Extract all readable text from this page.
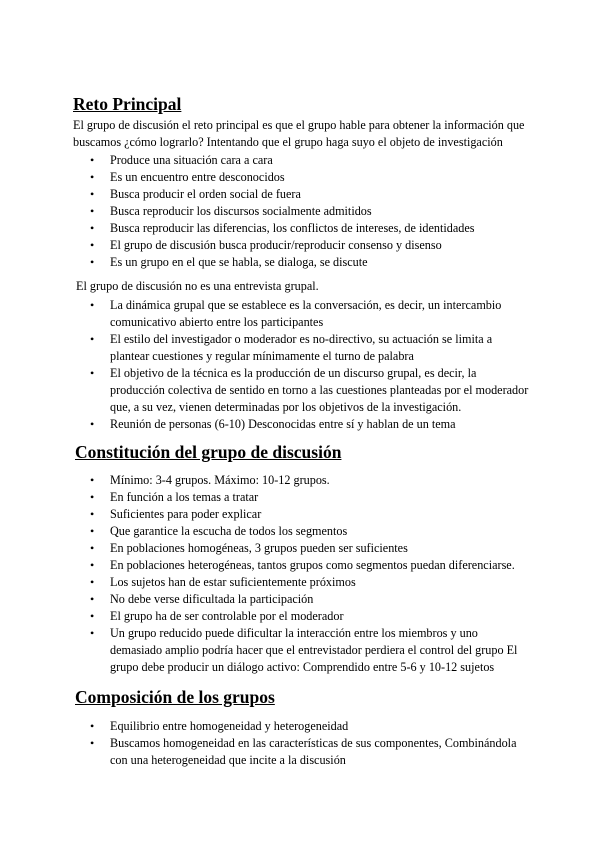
Reto Principal

El grupo de discusión el reto principal es que el grupo hable para obtener la información que buscamos ¿cómo lograrlo? Intentando que el grupo haga suyo el objeto de investigación

• Produce una situación cara a cara
• Es un encuentro entre desconocidos
• Busca producir el orden social de fuera
• Busca reproducir los discursos socialmente admitidos
• Busca reproducir las diferencias, los conflictos de intereses, de identidades
• El grupo de discusión busca producir/reproducir consenso y disenso
• Es un grupo en el que se habla, se dialoga, se discute

El grupo de discusión no es una entrevista grupal.

• La dinámica grupal que se establece es la conversación, es decir, un intercambio comunicativo abierto entre los participantes
• El estilo del investigador o moderador es no-directivo, su actuación se limita a plantear cuestiones y regular mínimamente el turno de palabra
• El objetivo de la técnica es la producción de un discurso grupal, es decir, la producción colectiva de sentido en torno a las cuestiones planteadas por el moderador que, a su vez, vienen determinadas por los objetivos de la investigación.
• Reunión de personas (6-10) Desconocidas entre sí y hablan de un tema
Constitución del grupo de discusión
• Mínimo: 3-4 grupos. Máximo: 10-12 grupos.
• En función a los temas a tratar
• Suficientes para poder explicar
• Que garantice la escucha de todos los segmentos
• En poblaciones homogéneas, 3 grupos pueden ser suficientes
• En poblaciones heterogéneas, tantos grupos como segmentos puedan diferenciarse.
• Los sujetos han de estar suficientemente próximos
• No debe verse dificultada la participación
• El grupo ha de ser controlable por el moderador
• Un grupo reducido puede dificultar la interacción entre los miembros y uno demasiado amplio podría hacer que el entrevistador perdiera el control del grupo El grupo debe producir un diálogo activo: Comprendido entre 5-6 y 10-12 sujetos
Composición de los grupos
• Equilibrio entre homogeneidad y heterogeneidad
• Buscamos homogeneidad en las características de sus componentes, Combinándola con una heterogeneidad que incite a la discusión
